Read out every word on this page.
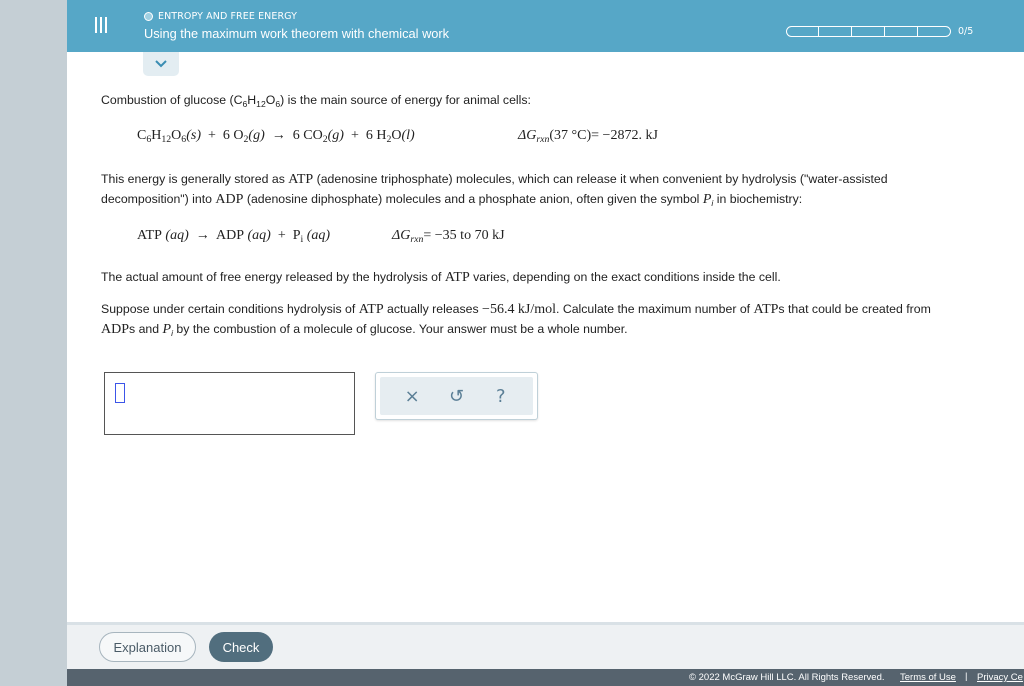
ENTROPY AND FREE ENERGY
Using the maximum work theorem with chemical work	0/5
Combustion of glucose $(C_6H_{12}O_6)$ is the main source of energy for animal cells:
$C_6H_{12}O_6(s) + 6$ $O_2(g) \to 6$ $CO_2(g) + 6$ $H_2O(l)$	$\Delta G_{rxn}(37$ °C)= −2872. kJ
This energy is generally stored as ATP (adenosine triphosphate) molecules, which can release it when convenient by hydrolysis ("water-assisted
decomposition") into ADP (adenosine diphosphate) molecules and a phosphate anion, often given the symbol $P_i$ in biochemistry:
ATP (aq) → ADP $(aq) + P_i$ (aq)	$\Delta G_{rxn}= -35$ to 70 kJ
The actual amount of free energy released by the hydrolysis of ATP varies, depending on the exact conditions inside the cell.
Suppose under certain conditions hydrolysis of ATP actually releases −56.4 kJ/mol. Calculate the maximum number of ATPs that could be created from
ADPs and $P_i$ by the combustion of a molecule of glucose. Your answer must be a whole number.
× ↺ ?
Explanation	Check
© 2022 McGraw Hill LLC. All Rights Reserved. Terms of Use | Privacy Ce
